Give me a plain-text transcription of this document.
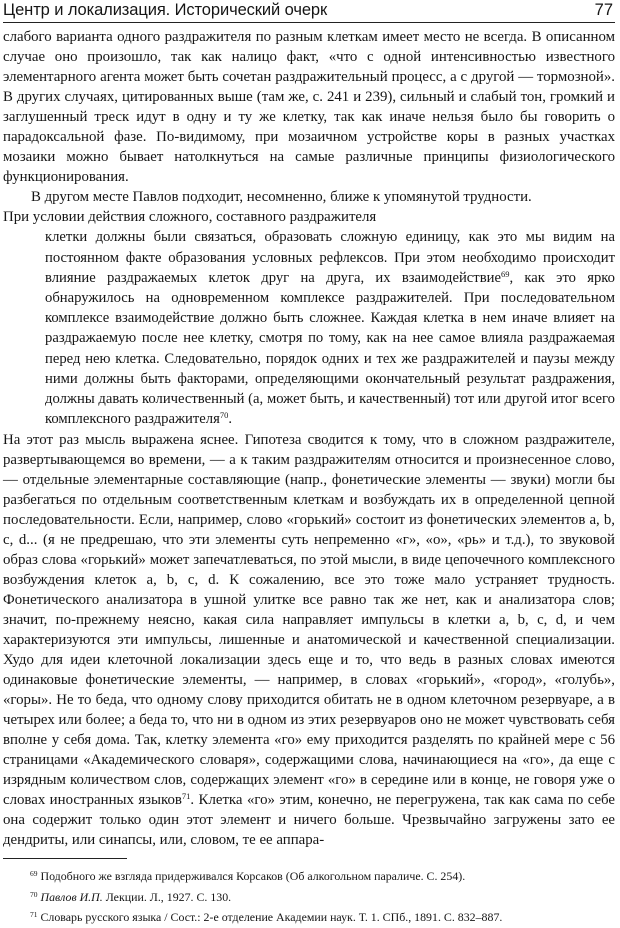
Центр и локализация. Исторический очерк	77

слабого варианта одного раздражителя по разным клеткам имеет место не всегда. В описанном случае оно произошло, так как налицо факт, «что с одной интенсивностью известного элементарного агента может быть сочетан раздражительный процесс, а с другой — тормозной». В других случаях, цитированных выше (там же, с. 241 и 239), сильный и слабый тон, громкий и заглушенный треск идут в одну и ту же клетку, так как иначе нельзя было бы говорить о парадоксальной фазе. По-видимому, при мозаичном устройстве коры в разных участках мозаики можно бывает натолкнуться на самые различные принципы физиологического функционирования.

В другом месте Павлов подходит, несомненно, ближе к упомянутой трудности.

При условии действия сложного, составного раздражителя

клетки должны были связаться, образовать сложную единицу, как это мы видим на постоянном факте образования условных рефлексов. При этом необходимо происходит влияние раздражаемых клеток друг на друга, их взаимодействие$^{69}$, как это ярко обнаружилось на одновременном комплексе раздражителей. При последовательном комплексе взаимодействие должно быть сложнее. Каждая клетка в нем иначе влияет на раздражаемую после нее клетку, смотря по тому, как на нее самое влияла раздражаемая перед нею клетка. Следовательно, порядок одних и тех же раздражителей и паузы между ними должны быть факторами, определяющими окончательный результат раздражения, должны давать количественный (а, может быть, и качественный) тот или другой итог всего комплексного раздражителя$^{70}$.

На этот раз мысль выражена яснее. Гипотеза сводится к тому, что в сложном раздражителе, развертывающемся во времени, — а к таким раздражителям относится и произнесенное слово, — отдельные элементарные составляющие (напр., фонетические элементы — звуки) могли бы разбегаться по отдельным соответственным клеткам и возбуждать их в определенной цепной последовательности. Если, например, слово «горький» состоит из фонетических элементов а, b, с, d... (я не предрешаю, что эти элементы суть непременно «г», «о», «рь» и т.д.), то звуковой образ слова «горький» может запечатлеваться, по этой мысли, в виде цепочечного комплексного возбуждения клеток а, b, с, d. К сожалению, все это тоже мало устраняет трудность. Фонетического анализатора в ушной улитке все равно так же нет, как и анализатора слов; значит, по-прежнему неясно, какая сила направляет импульсы в клетки а, b, с, d, и чем характеризуются эти импульсы, лишенные и анатомической и качественной специализации. Худо для идеи клеточной локализации здесь еще и то, что ведь в разных словах имеются одинаковые фонетические элементы, — например, в словах «горький», «город», «голубь», «горы». Не то беда, что одному слову приходится обитать не в одном клеточном резервуаре, а в четырех или более; а беда то, что ни в одном из этих резервуаров оно не может чувствовать себя вполне у себя дома. Так, клетку элемента «го» ему приходится разделять по крайней мере с 56 страницами «Академического словаря», содержащими слова, начинающиеся на «го», да еще с изрядным количеством слов, содержащих элемент «го» в середине или в конце, не говоря уже о словах иностранных языков$^{71}$. Клетка «го» этим, конечно, не перегружена, так как сама по себе она содержит только один этот элемент и ничего больше. Чрезвычайно загружены зато ее дендриты, или синапсы, или, словом, те ее аппара-

$^{69}$ Подобного же взгляда придерживался Корсаков (Об алкогольном параличе. С. 254).

$^{70}$ Павлов И.П. Лекции. Л., 1927. С. 130.

$^{71}$ Словарь русского языка / Сост.: 2-е отделение Академии наук. Т. 1. СПб., 1891. С. 832–887.
